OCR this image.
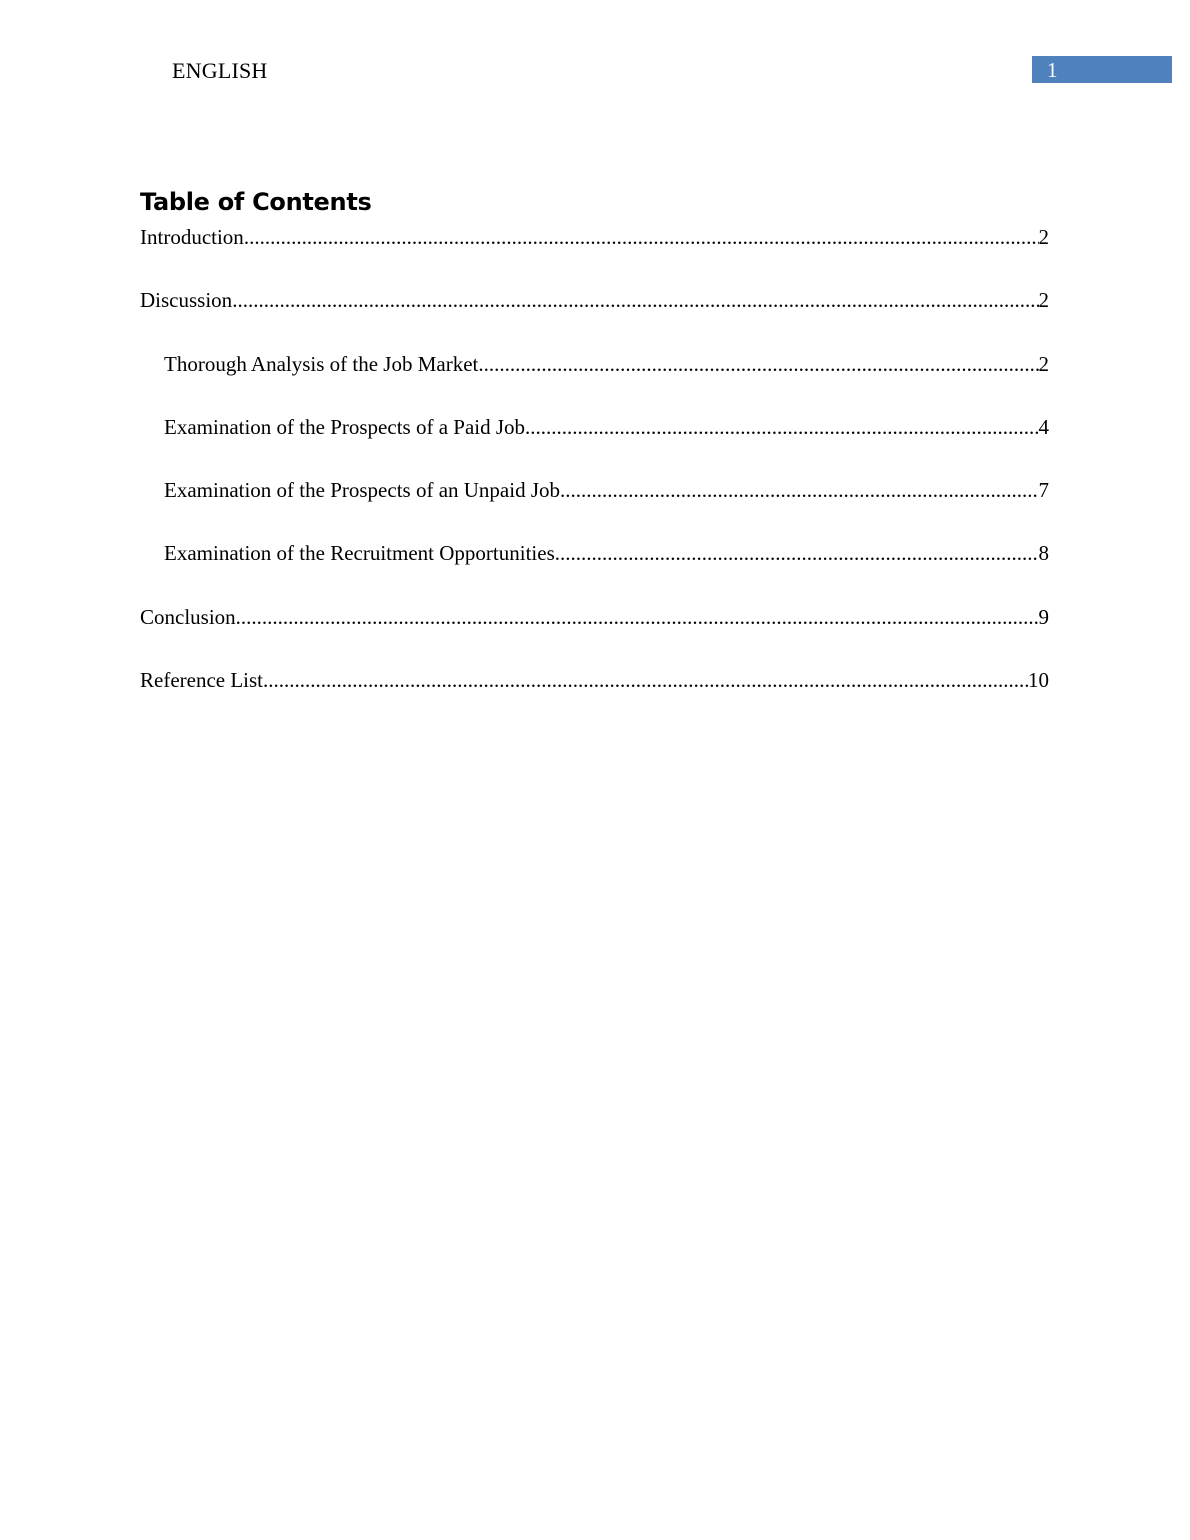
ENGLISH	1
Table of Contents
Introduction .....	2
Discussion .....	2
Thorough Analysis of the Job Market .....	2
Examination of the Prospects of a Paid Job .....	4
Examination of the Prospects of an Unpaid Job .....	7
Examination of the Recruitment Opportunities .....	8
Conclusion .....	9
Reference List .....	10
